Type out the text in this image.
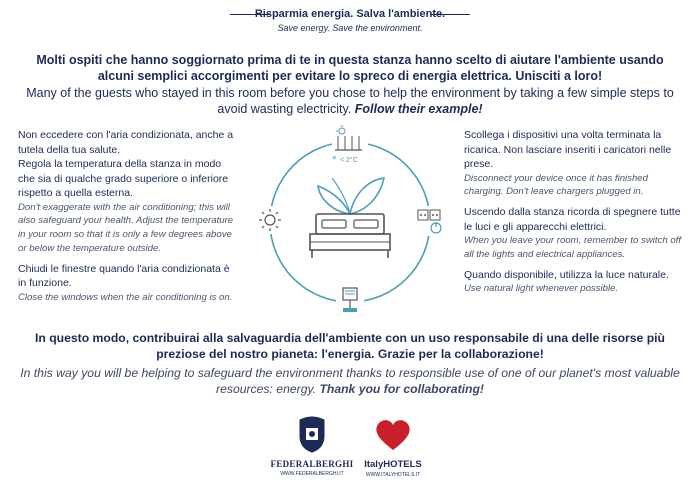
Risparmia energia. Salva l'ambiente.
Save energy. Save the environment.
Molti ospiti che hanno soggiornato prima di te in questa stanza hanno scelto di aiutare l'ambiente usando alcuni semplici accorgimenti per evitare lo spreco di energia elettrica. Unisciti a loro!
Many of the guests who stayed in this room before you chose to help the environment by taking a few simple steps to avoid wasting electricity. Follow their example!

Non eccedere con l'aria condizionata, anche a tutela della tua salute.

Regola la temperatura della stanza in modo che sia di qualche grado superiore o inferiore rispetto a quella esterna.

Don't exaggerate with the air conditioning; this will also safeguard your health. Adjust the temperature in your room so that it is only a few degrees above or below the temperature outside.

Chiudi le finestre quando l'aria condizionata è in funzione.

Close the windows when the air conditioning is on.

Scollega i dispositivi una volta terminata la ricarica. Non lasciare inseriti i caricatori nelle prese.

Disconnect your device once it has finished charging. Don't leave chargers plugged in.

Uscendo dalla stanza ricorda di spegnere tutte le luci e gli apparecchi elettrici.

When you leave your room, remember to switch off all the lights and electrical appliances.

Quando disponibile, utilizza la luce naturale.

Use natural light whenever possible.

< 2°C
*
In questo modo, contribuirai alla salvaguardia dell'ambiente con un uso responsabile di una delle risorse più preziose del nostro pianeta: l'energia. Grazie per la collaborazione!
In this way you will be helping to safeguard the environment thanks to responsible use of one of our planet's most valuable resources: energy. Thank you for collaborating!
FEDERALBERGHI
WWW.FEDERALBERGHI.IT
ItalyHOTELS
WWW.ITALYHOTELS.IT
